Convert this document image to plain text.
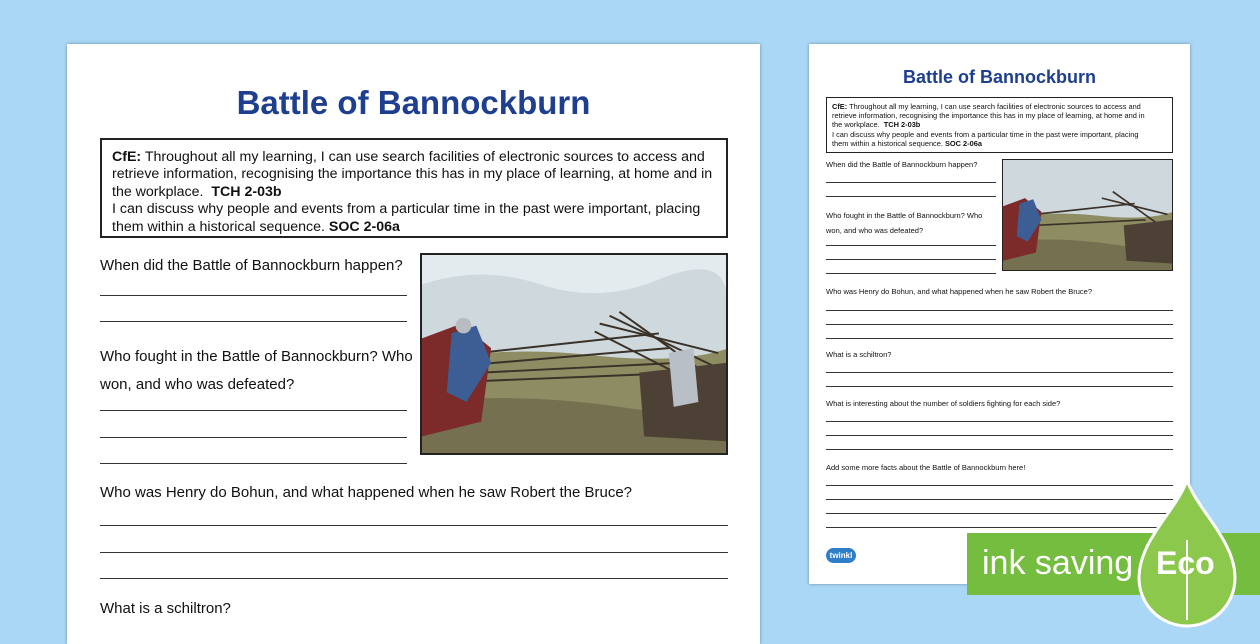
Battle of Bannockburn
CfE: Throughout all my learning, I can use search facilities of electronic sources to access and
retrieve information, recognising the importance this has in my place of learning, at home and in
the workplace. TCH 2-03b
I can discuss why people and events from a particular time in the past were important, placing
them within a historical sequence. SOC 2-06a
When did the Battle of Bannockburn happen?
Who fought in the Battle of Bannockburn? Who
won, and who was defeated?
Who was Henry do Bohun, and what happened when he saw Robert the Bruce?
What is a schiltron?
Battle of Bannockburn
CfE: Throughout all my learning, I can use search facilities of electronic sources to access and
retrieve information, recognising the importance this has in my place of learning, at home and in
the workplace. TCH 2-03b
I can discuss why people and events from a particular time in the past were important, placing
them within a historical sequence. SOC 2-06a
When did the Battle of Bannockburn happen?
Who fought in the Battle of Bannockburn? Who
won, and who was defeated?
Who was Henry do Bohun, and what happened when he saw Robert the Bruce?
What is a schiltron?
What is interesting about the number of soldiers fighting for each side?
Add some more facts about the Battle of Bannockburn here!
twinkl	ink saving Eco
